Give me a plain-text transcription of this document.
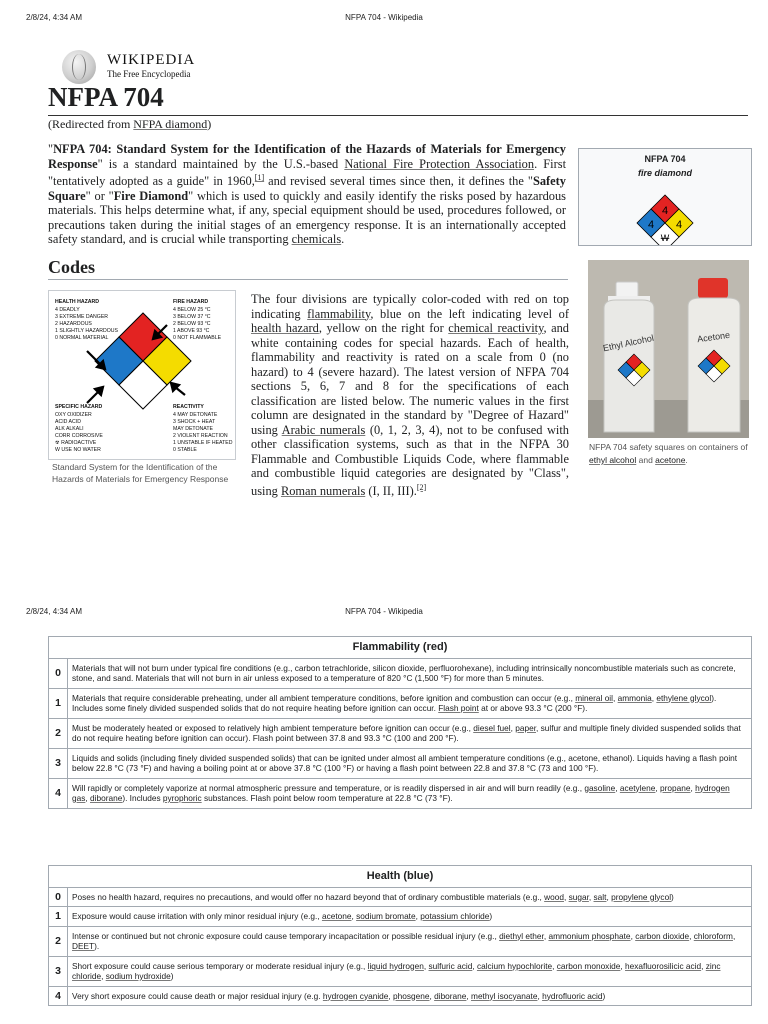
2/8/24, 4:34 AM	NFPA 704 - Wikipedia
WIKIPEDIA
The Free Encyclopedia
NFPA 704
(Redirected from NFPA diamond)

"NFPA 704: Standard System for the Identification of the Hazards of Materials for Emergency Response" is a standard maintained by the U.S.-based National Fire Protection Association. First "tentatively adopted as a guide" in 1960,[1] and revised several times since then, it defines the "Safety Square" or "Fire Diamond" which is used to quickly and easily identify the risks posed by hazardous materials. This helps determine what, if any, special equipment should be used, procedures followed, or precautions taken during the initial stages of an emergency response. It is an internationally accepted safety standard, and is crucial while transporting chemicals.

NFPA 704
fire diamond
4
4 4
W
Codes
HEALTH HAZARD
4 DEADLY
3 EXTREME DANGER
2 HAZARDOUS
1 SLIGHTLY HAZARDOUS
0 NORMAL MATERIAL
FIRE HAZARD
4 BELOW 25 °C
3 BELOW 37 °C
2 BELOW 93 °C
1 ABOVE 93 °C
0 NOT FLAMMABLE
SPECIFIC HAZARD
OXY OXIDIZER
ACID ACID
ALK ALKALI
CORR CORROSIVE
☢ RADIOACTIVE
W USE NO WATER
REACTIVITY
4 MAY DETONATE
3 SHOCK + HEAT
MAY DETONATE
2 VIOLENT REACTION
1 UNSTABLE IF HEATED
0 STABLE
Standard System for the Identification of the Hazards of Materials for Emergency Response

The four divisions are typically color-coded with red on top indicating flammability, blue on the left indicating level of health hazard, yellow on the right for chemical reactivity, and white containing codes for special hazards. Each of health, flammability and reactivity is rated on a scale from 0 (no hazard) to 4 (severe hazard). The latest version of NFPA 704 sections 5, 6, 7 and 8 for the specifications of each classification are listed below. The numeric values in the first column are designated in the standard by "Degree of Hazard" using Arabic numerals (0, 1, 2, 3, 4), not to be confused with other classification systems, such as that in the NFPA 30 Flammable and Combustible Liquids Code, where flammable and combustible liquid categories are designated by "Class", using Roman numerals (I, II, III).[2]

Ethyl Alcohol	Acetone
NFPA 704 safety squares on containers of ethyl alcohol and acetone.
2/8/24, 4:34 AM	NFPA 704 - Wikipedia
Flammability (red)	
0	Materials that will not burn under typical fire conditions (e.g., carbon tetrachloride, silicon dioxide, perfluorohexane), including intrinsically noncombustible materials such as concrete, stone, and sand. Materials that will not burn in air unless exposed to a temperature of 820 °C (1,500 °F) for more than 5 minutes.
1	Materials that require considerable preheating, under all ambient temperature conditions, before ignition and combustion can occur (e.g., mineral oil, ammonia, ethylene glycol). Includes some finely divided suspended solids that do not require heating before ignition can occur. Flash point at or above 93.3 °C (200 °F).
2	Must be moderately heated or exposed to relatively high ambient temperature before ignition can occur (e.g., diesel fuel, paper, sulfur and multiple finely divided suspended solids that do not require heating before ignition can occur). Flash point between 37.8 and 93.3 °C (100 and 200 °F).
3	Liquids and solids (including finely divided suspended solids) that can be ignited under almost all ambient temperature conditions (e.g., acetone, ethanol). Liquids having a flash point below 22.8 °C (73 °F) and having a boiling point at or above 37.8 °C (100 °F) or having a flash point between 22.8 and 37.8 °C (73 and 100 °F).
4	Will rapidly or completely vaporize at normal atmospheric pressure and temperature, or is readily dispersed in air and will burn readily (e.g., gasoline, acetylene, propane, hydrogen gas, diborane). Includes pyrophoric substances. Flash point below room temperature at 22.8 °C (73 °F).
Health (blue)	
0	Poses no health hazard, requires no precautions, and would offer no hazard beyond that of ordinary combustible materials (e.g., wood, sugar, salt, propylene glycol)
1	Exposure would cause irritation with only minor residual injury (e.g., acetone, sodium bromate, potassium chloride)
2	Intense or continued but not chronic exposure could cause temporary incapacitation or possible residual injury (e.g., diethyl ether, ammonium phosphate, carbon dioxide, chloroform, DEET).
3	Short exposure could cause serious temporary or moderate residual injury (e.g., liquid hydrogen, sulfuric acid, calcium hypochlorite, carbon monoxide, hexafluorosilicic acid, zinc chloride, sodium hydroxide)
4	Very short exposure could cause death or major residual injury (e.g. hydrogen cyanide, phosgene, diborane, methyl isocyanate, hydrofluoric acid)
